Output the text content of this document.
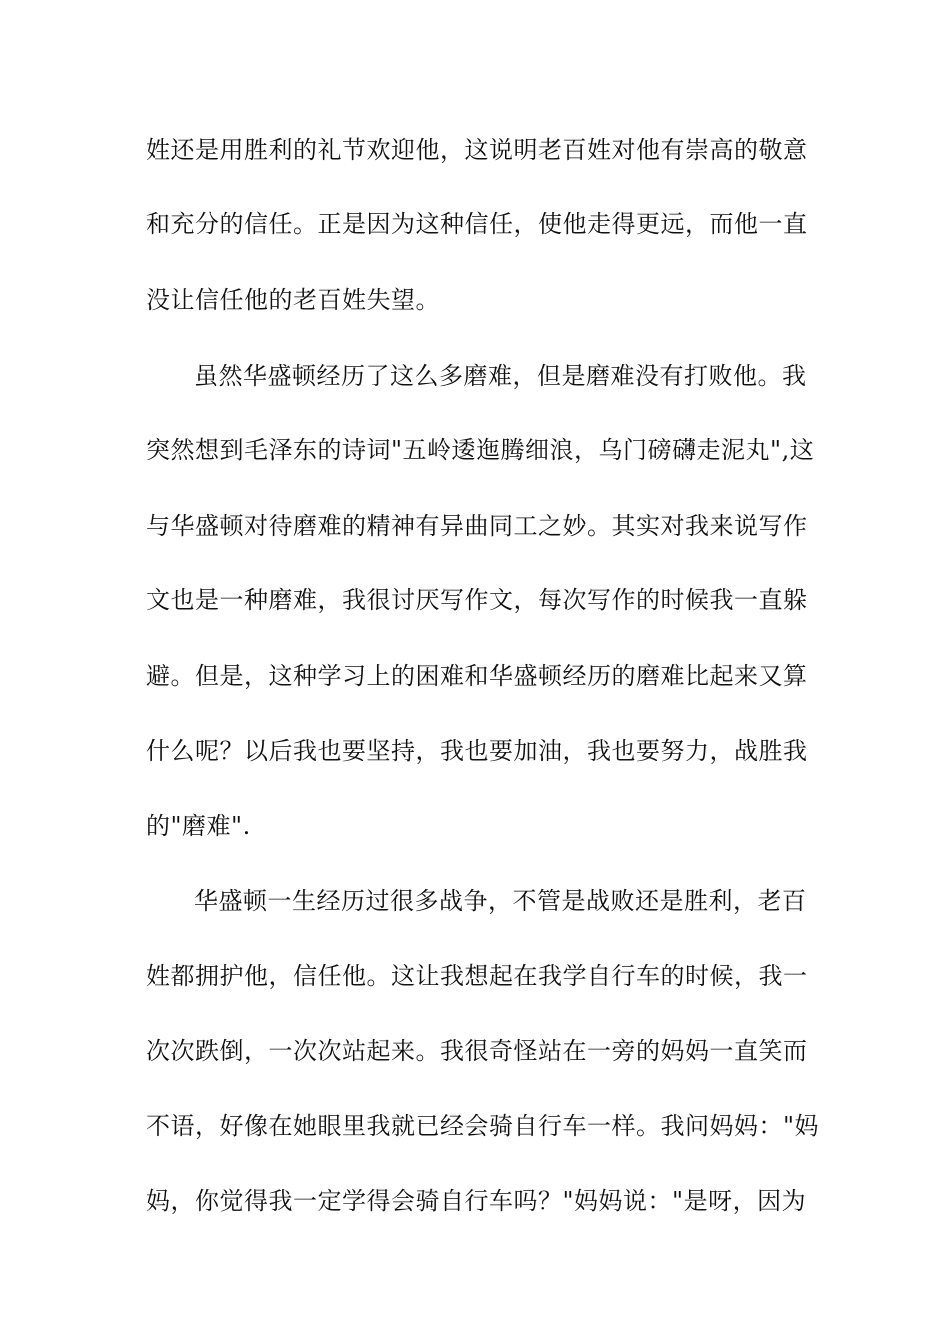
姓还是用胜利的礼节欢迎他，这说明老百姓对他有崇高的敬意

和充分的信任。正是因为这种信任，使他走得更远，而他一直

没让信任他的老百姓失望。

虽然华盛顿经历了这么多磨难，但是磨难没有打败他。我

突然想到毛泽东的诗词"五岭逶迤腾细浪，乌门磅礴走泥丸",这

与华盛顿对待磨难的精神有异曲同工之妙。其实对我来说写作

文也是一种磨难，我很讨厌写作文，每次写作的时候我一直躲

避。但是，这种学习上的困难和华盛顿经历的磨难比起来又算

什么呢？以后我也要坚持，我也要加油，我也要努力，战胜我

的"磨难".

华盛顿一生经历过很多战争，不管是战败还是胜利，老百

姓都拥护他，信任他。这让我想起在我学自行车的时候，我一

次次跌倒，一次次站起来。我很奇怪站在一旁的妈妈一直笑而

不语，好像在她眼里我就已经会骑自行车一样。我问妈妈："妈

妈，你觉得我一定学得会骑自行车吗？"妈妈说："是呀，因为
